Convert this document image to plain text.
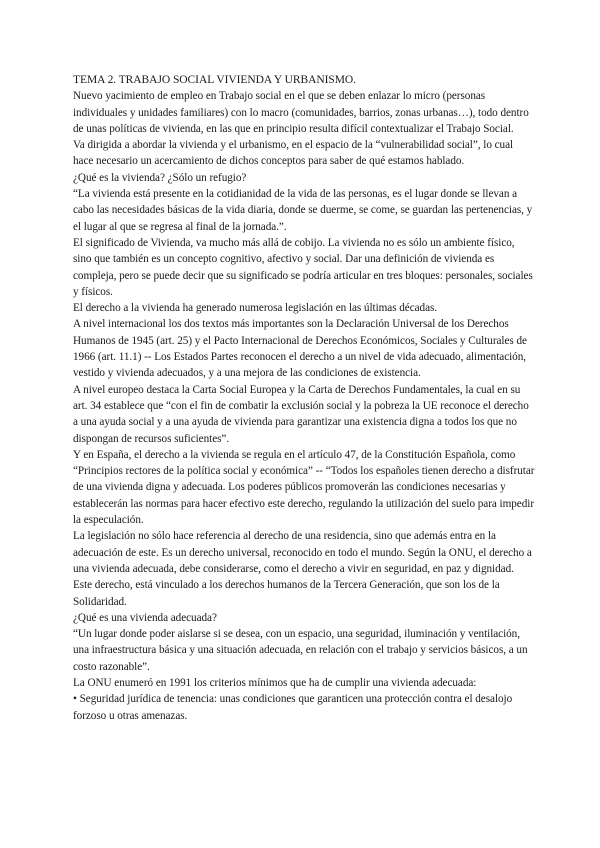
TEMA 2. TRABAJO SOCIAL VIVIENDA Y URBANISMO.

Nuevo yacimiento de empleo en Trabajo social en el que se deben enlazar lo micro (personas individuales y unidades familiares) con lo macro (comunidades, barrios, zonas urbanas…), todo dentro de unas políticas de vivienda, en las que en principio resulta difícil contextualizar el Trabajo Social.

Va dirigida a abordar la vivienda y el urbanismo, en el espacio de la “vulnerabilidad social”, lo cual hace necesario un acercamiento de dichos conceptos para saber de qué estamos hablado.

¿Qué es la vivienda? ¿Sólo un refugio?

“La vivienda está presente en la cotidianidad de la vida de las personas, es el lugar donde se llevan a cabo las necesidades básicas de la vida diaria, donde se duerme, se come, se guardan las pertenencias, y el lugar al que se regresa al final de la jornada.”.

El significado de Vivienda, va mucho más allá de cobijo. La vivienda no es sólo un ambiente físico, sino que también es un concepto cognitivo, afectivo y social. Dar una definición de vivienda es compleja, pero se puede decir que su significado se podría articular en tres bloques: personales, sociales y físicos.

El derecho a la vivienda ha generado numerosa legislación en las últimas décadas.

A nivel internacional los dos textos más importantes son la Declaración Universal de los Derechos Humanos de 1945 (art. 25) y el Pacto Internacional de Derechos Económicos, Sociales y Culturales de 1966 (art. 11.1) -- Los Estados Partes reconocen el derecho a un nivel de vida adecuado, alimentación, vestido y vivienda adecuados, y a una mejora de las condiciones de existencia.

A nivel europeo destaca la Carta Social Europea y la Carta de Derechos Fundamentales, la cual en su art. 34 establece que “con el fin de combatir la exclusión social y la pobreza la UE reconoce el derecho a una ayuda social y a una ayuda de vivienda para garantizar una existencia digna a todos los que no dispongan de recursos suficientes”.

Y en España, el derecho a la vivienda se regula en el artículo 47, de la Constitución Española, como “Principios rectores de la política social y económica” -- “Todos los españoles tienen derecho a disfrutar de una vivienda digna y adecuada. Los poderes públicos promoverán las condiciones necesarias y establecerán las normas para hacer efectivo este derecho, regulando la utilización del suelo para impedir la especulación.

La legislación no sólo hace referencia al derecho de una residencia, sino que además entra en la adecuación de este. Es un derecho universal, reconocido en todo el mundo. Según la ONU, el derecho a una vivienda adecuada, debe considerarse, como el derecho a vivir en seguridad, en paz y dignidad. Este derecho, está vinculado a los derechos humanos de la Tercera Generación, que son los de la Solidaridad.

¿Qué es una vivienda adecuada?

“Un lugar donde poder aislarse si se desea, con un espacio, una seguridad, iluminación y ventilación, una infraestructura básica y una situación adecuada, en relación con el trabajo y servicios básicos, a un costo razonable”.

La ONU enumeró en 1991 los criterios mínimos que ha de cumplir una vivienda adecuada:

• Seguridad jurídica de tenencia: unas condiciones que garanticen una protección contra el desalojo forzoso u otras amenazas.
